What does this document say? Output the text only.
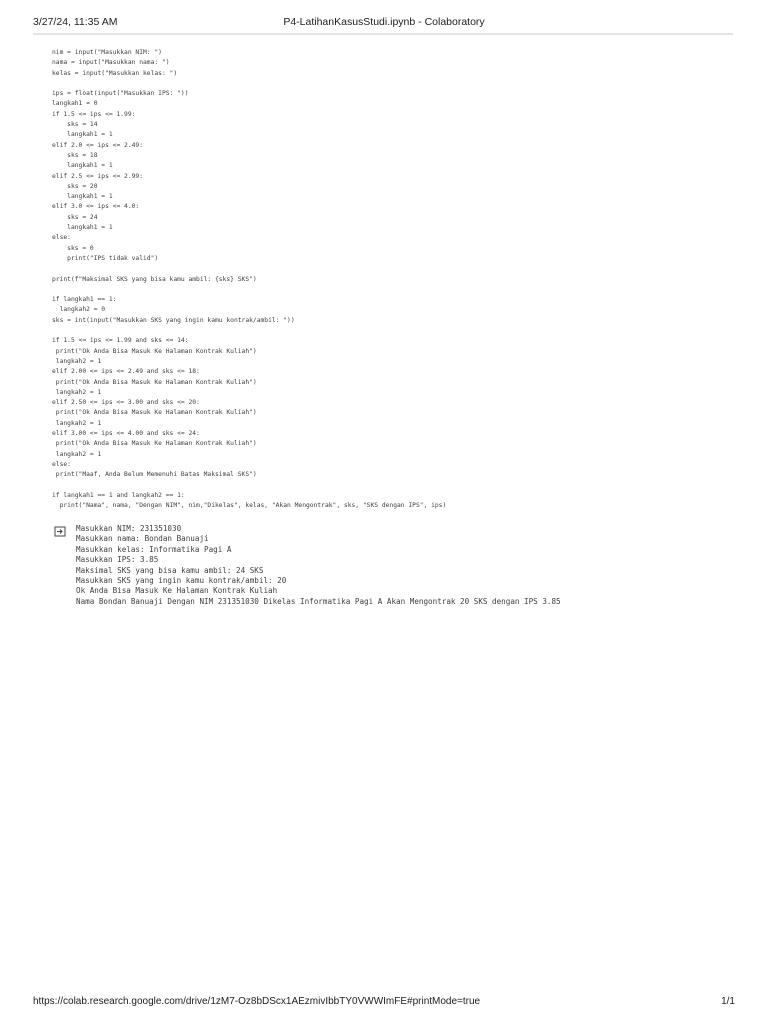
3/27/24, 11:35 AM	P4-LatihanKasusStudi.ipynb - Colaboratory
nim = input("Masukkan NIM: ")
nama = input("Masukkan nama: ")
kelas = input("Masukkan kelas: ")
ips = float(input("Masukkan IPS: "))
langkah1 = 0
if 1.5 <= ips <= 1.99:
sks = 14
langkah1 = 1
elif 2.0 <= ips <= 2.49:
sks = 18
langkah1 = 1
elif 2.5 <= ips <= 2.99:
sks = 20
langkah1 = 1
elif 3.0 <= ips <= 4.0:
sks = 24
langkah1 = 1
else:
sks = 0
print("IPS tidak valid")
print(f"Maksimal SKS yang bisa kamu ambil: {sks} SKS")
if langkah1 == 1:
langkah2 = 0
sks = int(input("Masukkan SKS yang ingin kamu kontrak/ambil: "))
if 1.5 <= ips <= 1.99 and sks <= 14:
print("Ok Anda Bisa Masuk Ke Halaman Kontrak Kuliah")
langkah2 = 1
elif 2.00 <= ips <= 2.49 and sks <= 18:
print("Ok Anda Bisa Masuk Ke Halaman Kontrak Kuliah")
langkah2 = 1
elif 2.50 <= ips <= 3.00 and sks <= 20:
print("Ok Anda Bisa Masuk Ke Halaman Kontrak Kuliah")
langkah2 = 1
elif 3.00 <= ips <= 4.00 and sks <= 24:
print("Ok Anda Bisa Masuk Ke Halaman Kontrak Kuliah")
langkah2 = 1
else:
print("Maaf, Anda Belum Memenuhi Batas Maksimal SKS")
if langkah1 == 1 and langkah2 == 1:
print("Nama", nama, "Dengan NIM", nim,"Dikelas", kelas, "Akan Mengontrak", sks, "SKS dengan IPS", ips)
Masukkan NIM: 231351030
Masukkan nama: Bondan Banuaji
Masukkan kelas: Informatika Pagi A
Masukkan IPS: 3.85
Maksimal SKS yang bisa kamu ambil: 24 SKS
Masukkan SKS yang ingin kamu kontrak/ambil: 20
Ok Anda Bisa Masuk Ke Halaman Kontrak Kuliah
Nama Bondan Banuaji Dengan NIM 231351030 Dikelas Informatika Pagi A Akan Mengontrak 20 SKS dengan IPS 3.85
https://colab.research.google.com/drive/1zM7-Oz8bDScx1AEzmivIbbTY0VWWImFE#printMode=true	1/1
